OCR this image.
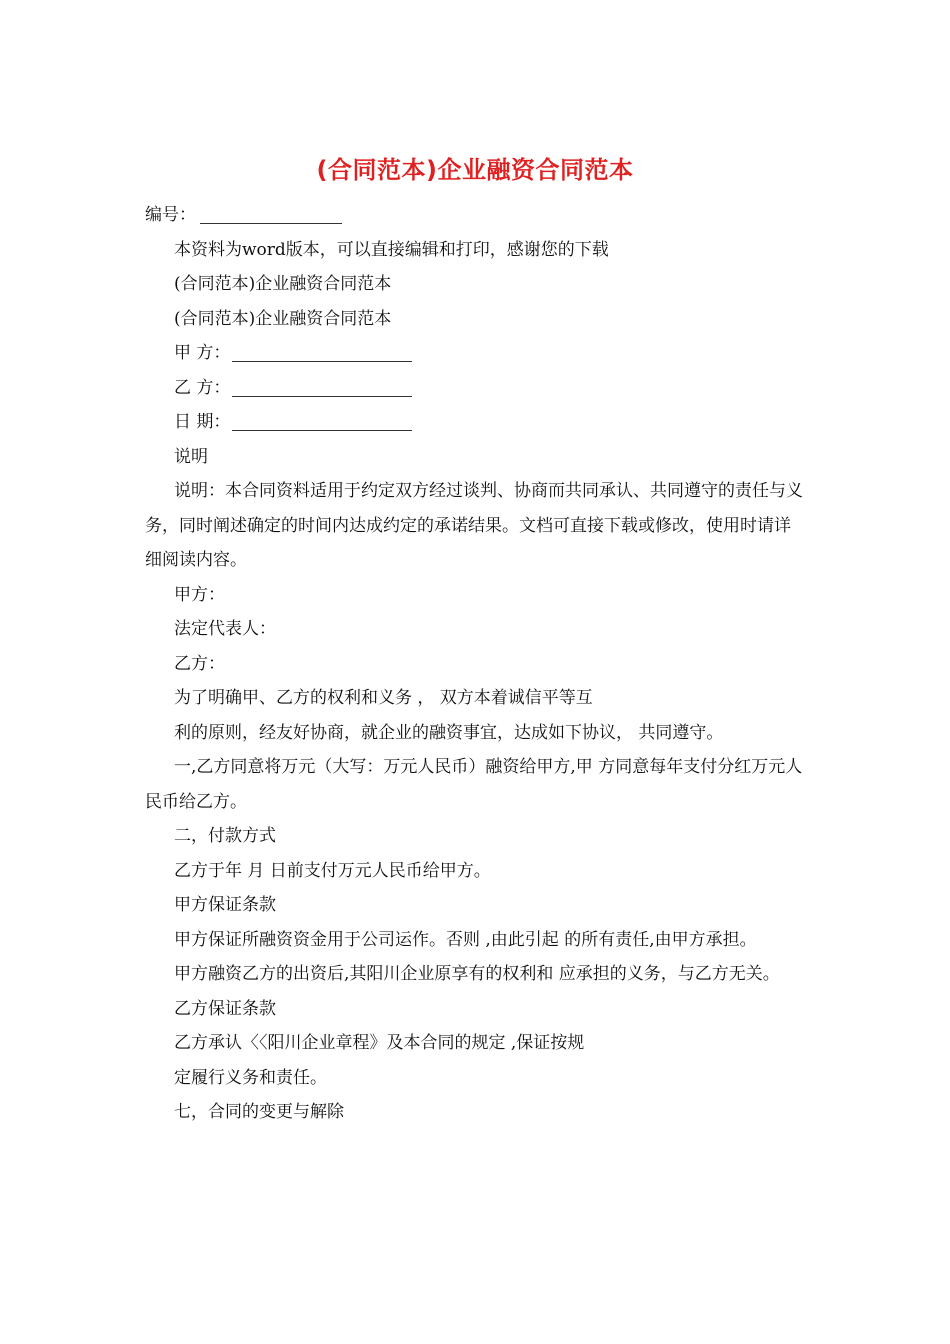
(合同范本)企业融资合同范本

编号：

本资料为word版本，可以直接编辑和打印，感谢您的下载

(合同范本)企业融资合同范本

(合同范本)企业融资合同范本

甲 方：

乙 方：

日 期：

说明

说明：本合同资料适用于约定双方经过谈判、协商而共同承认、共同遵守的责任与义务，同时阐述确定的时间内达成约定的承诺结果。文档可直接下载或修改，使用时请详细阅读内容。

甲方：

法定代表人：

乙方：

为了明确甲、乙方的权利和义务 ， 双方本着诚信平等互

利的原则，经友好协商，就企业的融资事宜，达成如下协议， 共同遵守。

一,乙方同意将万元（大写：万元人民币）融资给甲方,甲 方同意每年支付分红万元人民币给乙方。

二，付款方式

乙方于年 月 日前支付万元人民币给甲方。

甲方保证条款

甲方保证所融资资金用于公司运作。否则 ,由此引起 的所有责任,由甲方承担。

甲方融资乙方的出资后,其阳川企业原享有的权利和 应承担的义务，与乙方无关。

乙方保证条款

乙方承认〈〈阳川企业章程》及本合同的规定 ,保证按规

定履行义务和责任。

七，合同的变更与解除
